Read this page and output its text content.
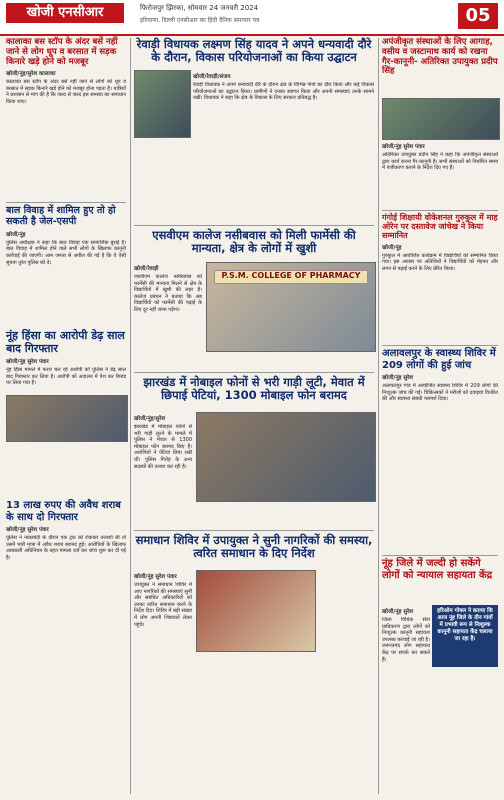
खोजी एनसीआर	फिरोजपुर झिरका, सोमवार 24 जनवरी 2024
हरियाणा, दिल्ली एनसीआर का हिंदी दैनिक समाचार पत्र	05
कालाका बस स्टॉप के अंदर बसें नहीं जाने से लोग धूप व बरसात में सड़क किनारे खड़े होने को मजबूर
खोजी/नूंह/सुरेश कालाका
कालाका बस स्टॉप के अंदर बसें नहीं जाने से लोगों को धूप व बरसात में सड़क किनारे खड़े होने को मजबूर होना पड़ता है। यात्रियों ने प्रशासन से मांग की है कि जल्द से जल्द इस समस्या का समाधान किया जाए।
बाल विवाह में शामिल हुए तो हो सकती है जेल-एसपी
खोजी/नूंह
पुलिस अधीक्षक ने कहा कि बाल विवाह एक सामाजिक बुराई है। बाल विवाह में शामिल होने वाले सभी लोगों के खिलाफ कानूनी कार्रवाई की जाएगी। आम जनता से अपील की गई है कि वे ऐसी सूचना तुरंत पुलिस को दें।
नूंह हिंसा का आरोपी डेढ़ साल बाद गिरफ्तार
खोजी/नूंह सुरेश पंवार
नूंह हिंसा मामले में फरार चल रहे आरोपी को पुलिस ने डेढ़ साल बाद गिरफ्तार कर लिया है। आरोपी को अदालत में पेश कर रिमांड पर लिया गया है।
13 लाख रुपए की अवैध शराब के साथ दो गिरफ्तार
खोजी/नूंह सुरेश पंवार
पुलिस ने नाकाबंदी के दौरान एक ट्रक को रोककर तलाशी ली तो उसमें भारी मात्रा में अवैध शराब बरामद हुई। आरोपियों के खिलाफ आबकारी अधिनियम के तहत मामला दर्ज कर जांच शुरू कर दी गई है।
रेवाड़ी विधायक लक्ष्मण सिंह यादव ने अपने धन्यवादी दौरे के दौरान, विकास परियोजनाओं का किया उद्घाटन
खोजी/रेवाड़ी/संजय
रेवाड़ी विधायक ने अपने धन्यवादी दौरे के दौरान क्षेत्र के विभिन्न गांवों का दौरा किया और कई विकास परियोजनाओं का उद्घाटन किया। ग्रामीणों ने उनका स्वागत किया और अपनी समस्याएं उनके सामने रखीं। विधायक ने कहा कि क्षेत्र के विकास के लिए सरकार प्रतिबद्ध है।
एसवीएम कालेज नसीबवास को मिली फार्मेसी की मान्यता, क्षेत्र के लोगों में खुशी
खोजी/रेवाड़ी
एसवीएम कालेज नसीबवास को फार्मेसी की मान्यता मिलने से क्षेत्र के विद्यार्थियों में खुशी की लहर है। कालेज प्रबंधन ने बताया कि अब विद्यार्थियों को फार्मेसी की पढ़ाई के लिए दूर नहीं जाना पड़ेगा।
P.S.M. COLLEGE OF PHARMACY
झारखंड में नोबाइल फोनों से भरी गाड़ी लूटी, मेवात में छिपाई पेटियां, 1300 मोबाइल फोन बरामद
खोजी/नूंह/सुरेश
झारखंड में मोबाइल फोनों से भरी गाड़ी लूटने के मामले में पुलिस ने मेवात से 1300 मोबाइल फोन बरामद किए हैं। आरोपियों ने पेटियां छिपा रखी थीं। पुलिस गिरोह के अन्य सदस्यों की तलाश कर रही है।
समाधान शिविर में उपायुक्त ने सुनी नागरिकों की समस्या, त्वरित समाधान के दिए निर्देश
खोजी/नूंह सुरेश पंवार
उपायुक्त ने समाधान शिविर में आए नागरिकों की समस्याएं सुनीं और संबंधित अधिकारियों को उनका त्वरित समाधान करने के निर्देश दिए। शिविर में बड़ी संख्या में लोग अपनी शिकायतें लेकर पहुंचे।
अपंजीकृत संस्थाओं के लिए आगाह, वसीय व जस्टामाध कार्य को रखना गैर-कानूनी- अतिरिक्त उपायुक्त प्रदीप सिंह
खोजी/नूंह सुरेश पंवार
अतिरिक्त उपायुक्त प्रदीप सिंह ने कहा कि अपंजीकृत संस्थाओं द्वारा कार्य करना गैर-कानूनी है। सभी संस्थाओं को निर्धारित समय में पंजीकरण कराने के निर्देश दिए गए हैं।
गंगोई शिक्षायी वोकेशनल गुरुकुल में माह ओरेन पर दस्तावेज जांचेख ने किया सम्मानित
खोजी/नूंह
गुरुकुल में आयोजित कार्यक्रम में विद्यार्थियों को सम्मानित किया गया। इस अवसर पर अतिथियों ने विद्यार्थियों को मेहनत और लगन से पढ़ाई करने के लिए प्रेरित किया।
अलावलपुर के स्वास्थ्य शिविर में 209 लोगों की हुई जांच
खोजी/नूंह सुरेश
अलावलपुर गांव में आयोजित स्वास्थ्य शिविर में 209 लोगों की निःशुल्क जांच की गई। चिकित्सकों ने मरीजों को दवाइयां वितरित कीं और स्वास्थ्य संबंधी परामर्श दिया।
नूंह जिले में जल्दी हो सकेंगे लोगों को न्यायाल सहायता केंद्र
हरिओम गोयल ने बताया कि आज नूंह जिले के तीन गांवों में प्रभावी रूप से निःशुल्क कानूनी सहायता केंद्र चलाया जा रहा है।
खोजी/नूंह सुरेश
जिला विधिक सेवा प्राधिकरण द्वारा लोगों को निःशुल्क कानूनी सहायता उपलब्ध करवाई जा रही है। जरूरतमंद लोग सहायता केंद्र पर संपर्क कर सकते हैं।
